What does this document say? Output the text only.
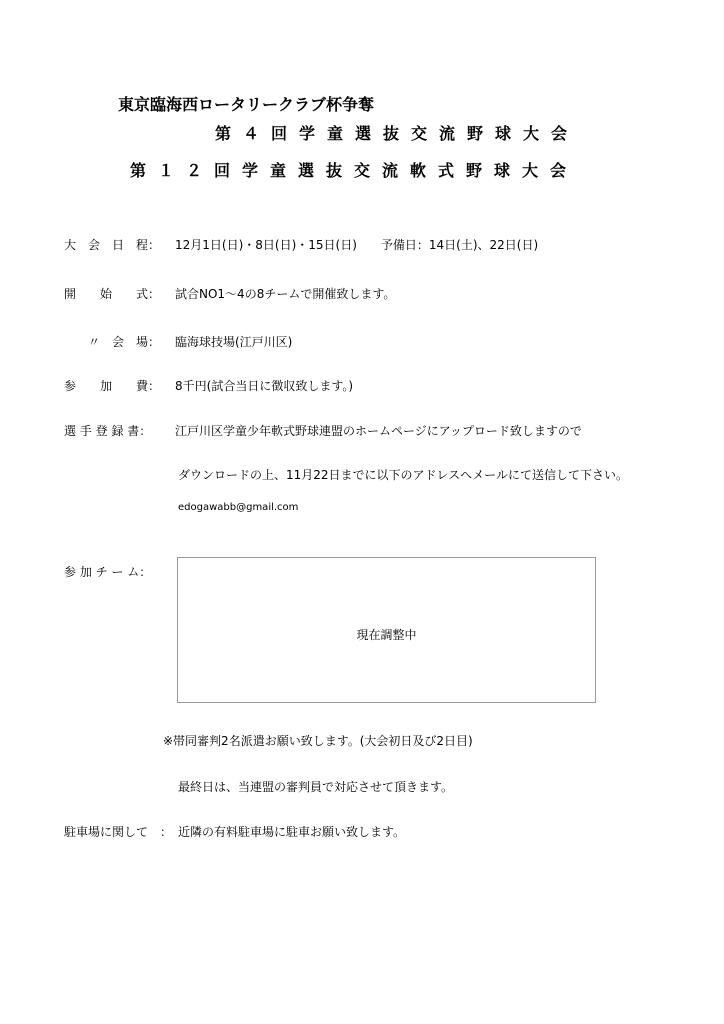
東京臨海西ロータリークラブ杯争奪
第４回学童選抜交流野球大会
第１２回学童選抜交流軟式野球大会
大　会　日　程： 12月1日(日)・8日(日)・15日(日)　　予備日：14日(土)、22日(日)
開　　始　　式： 試合NO1～4の8チームで開催致します。
〃　会　場： 臨海球技場(江戸川区)
参　　加　　費： 8千円(試合当日に徴収致します。)
選 手 登 録 書： 江戸川区学童少年軟式野球連盟のホームページにアップロード致しますので
ダウンロードの上、11月22日までに以下のアドレスへメールにて送信して下さい。
edogawabb@gmail.com
参 加 チ ー ム：
現在調整中
※帯同審判2名派遣お願い致します。(大会初日及び2日目)
最終日は、当連盟の審判員で対応させて頂きます。
駐車場に関して　： 近隣の有料駐車場に駐車お願い致します。
